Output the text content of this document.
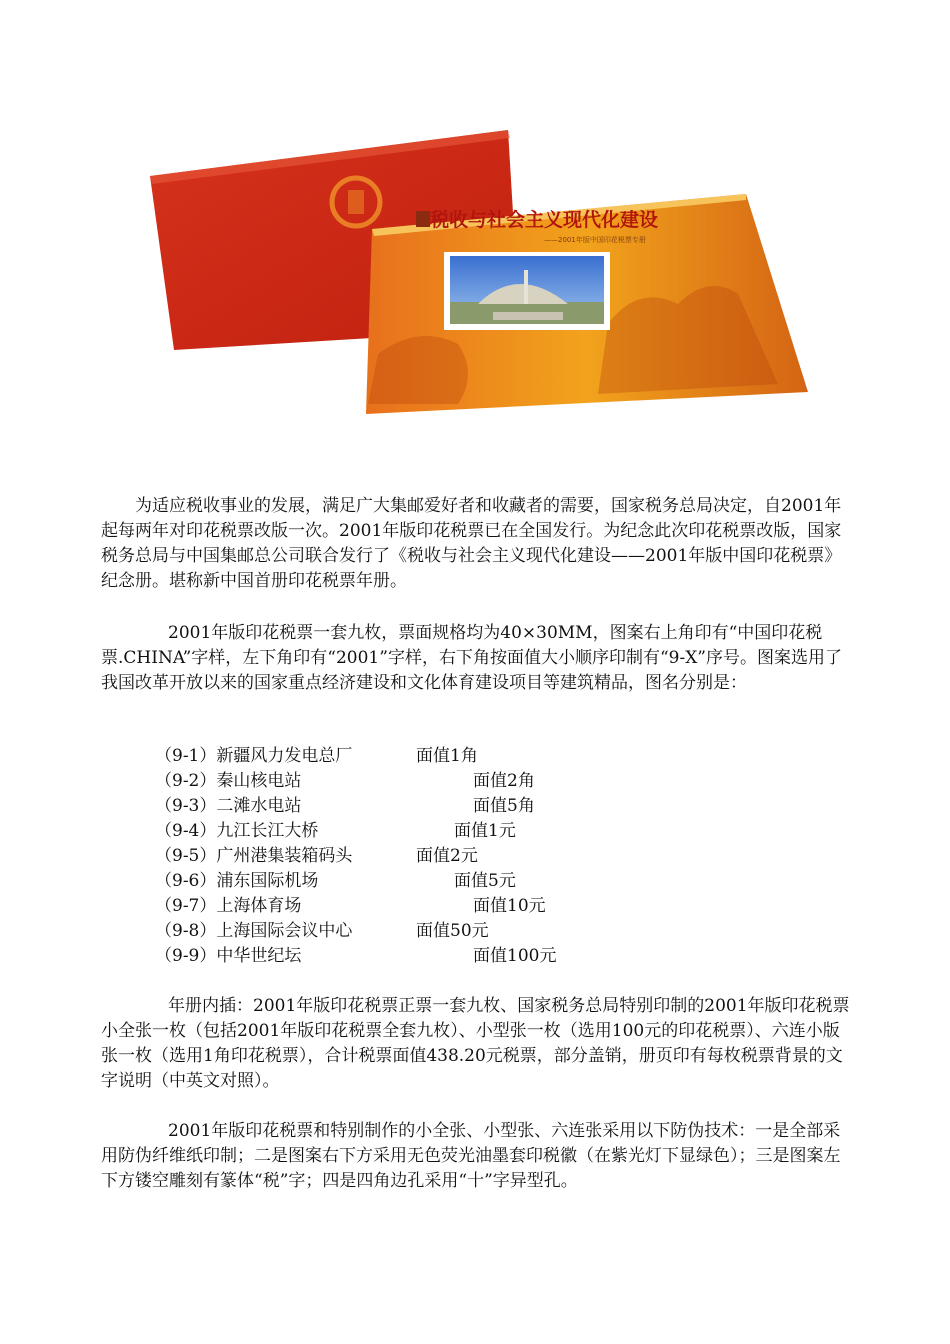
税收与社会主义现代化建设
——2001年版中国印花税票专册

为适应税收事业的发展，满足广大集邮爱好者和收藏者的需要，国家税务总局决定，自2001年起每两年对印花税票改版一次。2001年版印花税票已在全国发行。为纪念此次印花税票改版，国家税务总局与中国集邮总公司联合发行了《税收与社会主义现代化建设——2001年版中国印花税票》纪念册。堪称新中国首册印花税票年册。

2001年版印花税票一套九枚，票面规格均为40×30MM，图案右上角印有“中国印花税票.CHINA”字样，左下角印有“2001”字样，右下角按面值大小顺序印制有“9-X”序号。图案选用了我国改革开放以来的国家重点经济建设和文化体育建设项目等建筑精品，图名分别是：

（9-1）新疆风力发电总厂	面值1角
（9-2）秦山核电站	面值2角
（9-3）二滩水电站	面值5角
（9-4）九江长江大桥	面值1元
（9-5）广州港集装箱码头	面值2元
（9-6）浦东国际机场	面值5元
（9-7）上海体育场	面值10元
（9-8）上海国际会议中心	面值50元
（9-9）中华世纪坛	面值100元

年册内插：2001年版印花税票正票一套九枚、国家税务总局特别印制的2001年版印花税票小全张一枚（包括2001年版印花税票全套九枚）、小型张一枚（选用100元的印花税票）、六连小版张一枚（选用1角印花税票），合计税票面值438.20元税票，部分盖销，册页印有每枚税票背景的文字说明（中英文对照）。

2001年版印花税票和特别制作的小全张、小型张、六连张采用以下防伪技术：一是全部采用防伪纤维纸印制；二是图案右下方采用无色荧光油墨套印税徽（在紫光灯下显绿色）；三是图案左下方镂空雕刻有篆体“税”字；四是四角边孔采用“十”字异型孔。
